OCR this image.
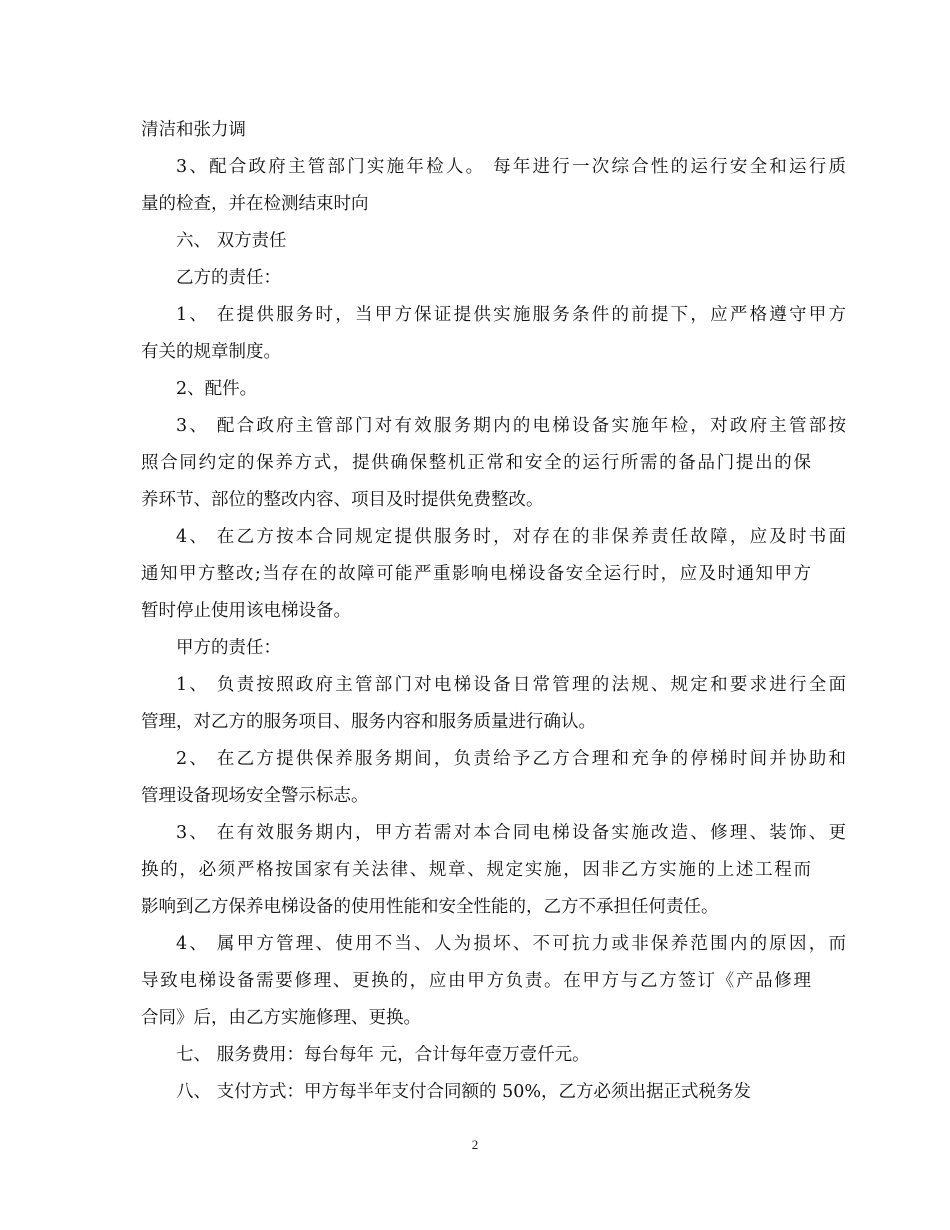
清洁和张力调
3、配合政府主管部门实施年检人。 每年进行一次综合性的运行安全和运行质
量的检查，并在检测结束时向
六、 双方责任
乙方的责任：
1、 在提供服务时，当甲方保证提供实施服务条件的前提下，应严格遵守甲方
有关的规章制度。
2、配件。
3、 配合政府主管部门对有效服务期内的电梯设备实施年检，对政府主管部按
照合同约定的保养方式，提供确保整机正常和安全的运行所需的备品门提出的保
养环节、部位的整改内容、项目及时提供免费整改。
4、 在乙方按本合同规定提供服务时，对存在的非保养责任故障，应及时书面
通知甲方整改;当存在的故障可能严重影响电梯设备安全运行时，应及时通知甲方
暂时停止使用该电梯设备。
甲方的责任：
1、 负责按照政府主管部门对电梯设备日常管理的法规、规定和要求进行全面
管理，对乙方的服务项目、服务内容和服务质量进行确认。
2、 在乙方提供保养服务期间，负责给予乙方合理和充争的停梯时间并协助和
管理设备现场安全警示标志。
3、 在有效服务期内，甲方若需对本合同电梯设备实施改造、修理、装饰、更
换的，必须严格按国家有关法律、规章、规定实施，因非乙方实施的上述工程而
影响到乙方保养电梯设备的使用性能和安全性能的，乙方不承担任何责任。
4、 属甲方管理、使用不当、人为损坏、不可抗力或非保养范围内的原因，而
导致电梯设备需要修理、更换的，应由甲方负责。在甲方与乙方签订《产品修理
合同》后，由乙方实施修理、更换。
七、 服务费用：每台每年 元，合计每年壹万壹仟元。
八、 支付方式：甲方每半年支付合同额的 50%，乙方必须出据正式税务发
2
